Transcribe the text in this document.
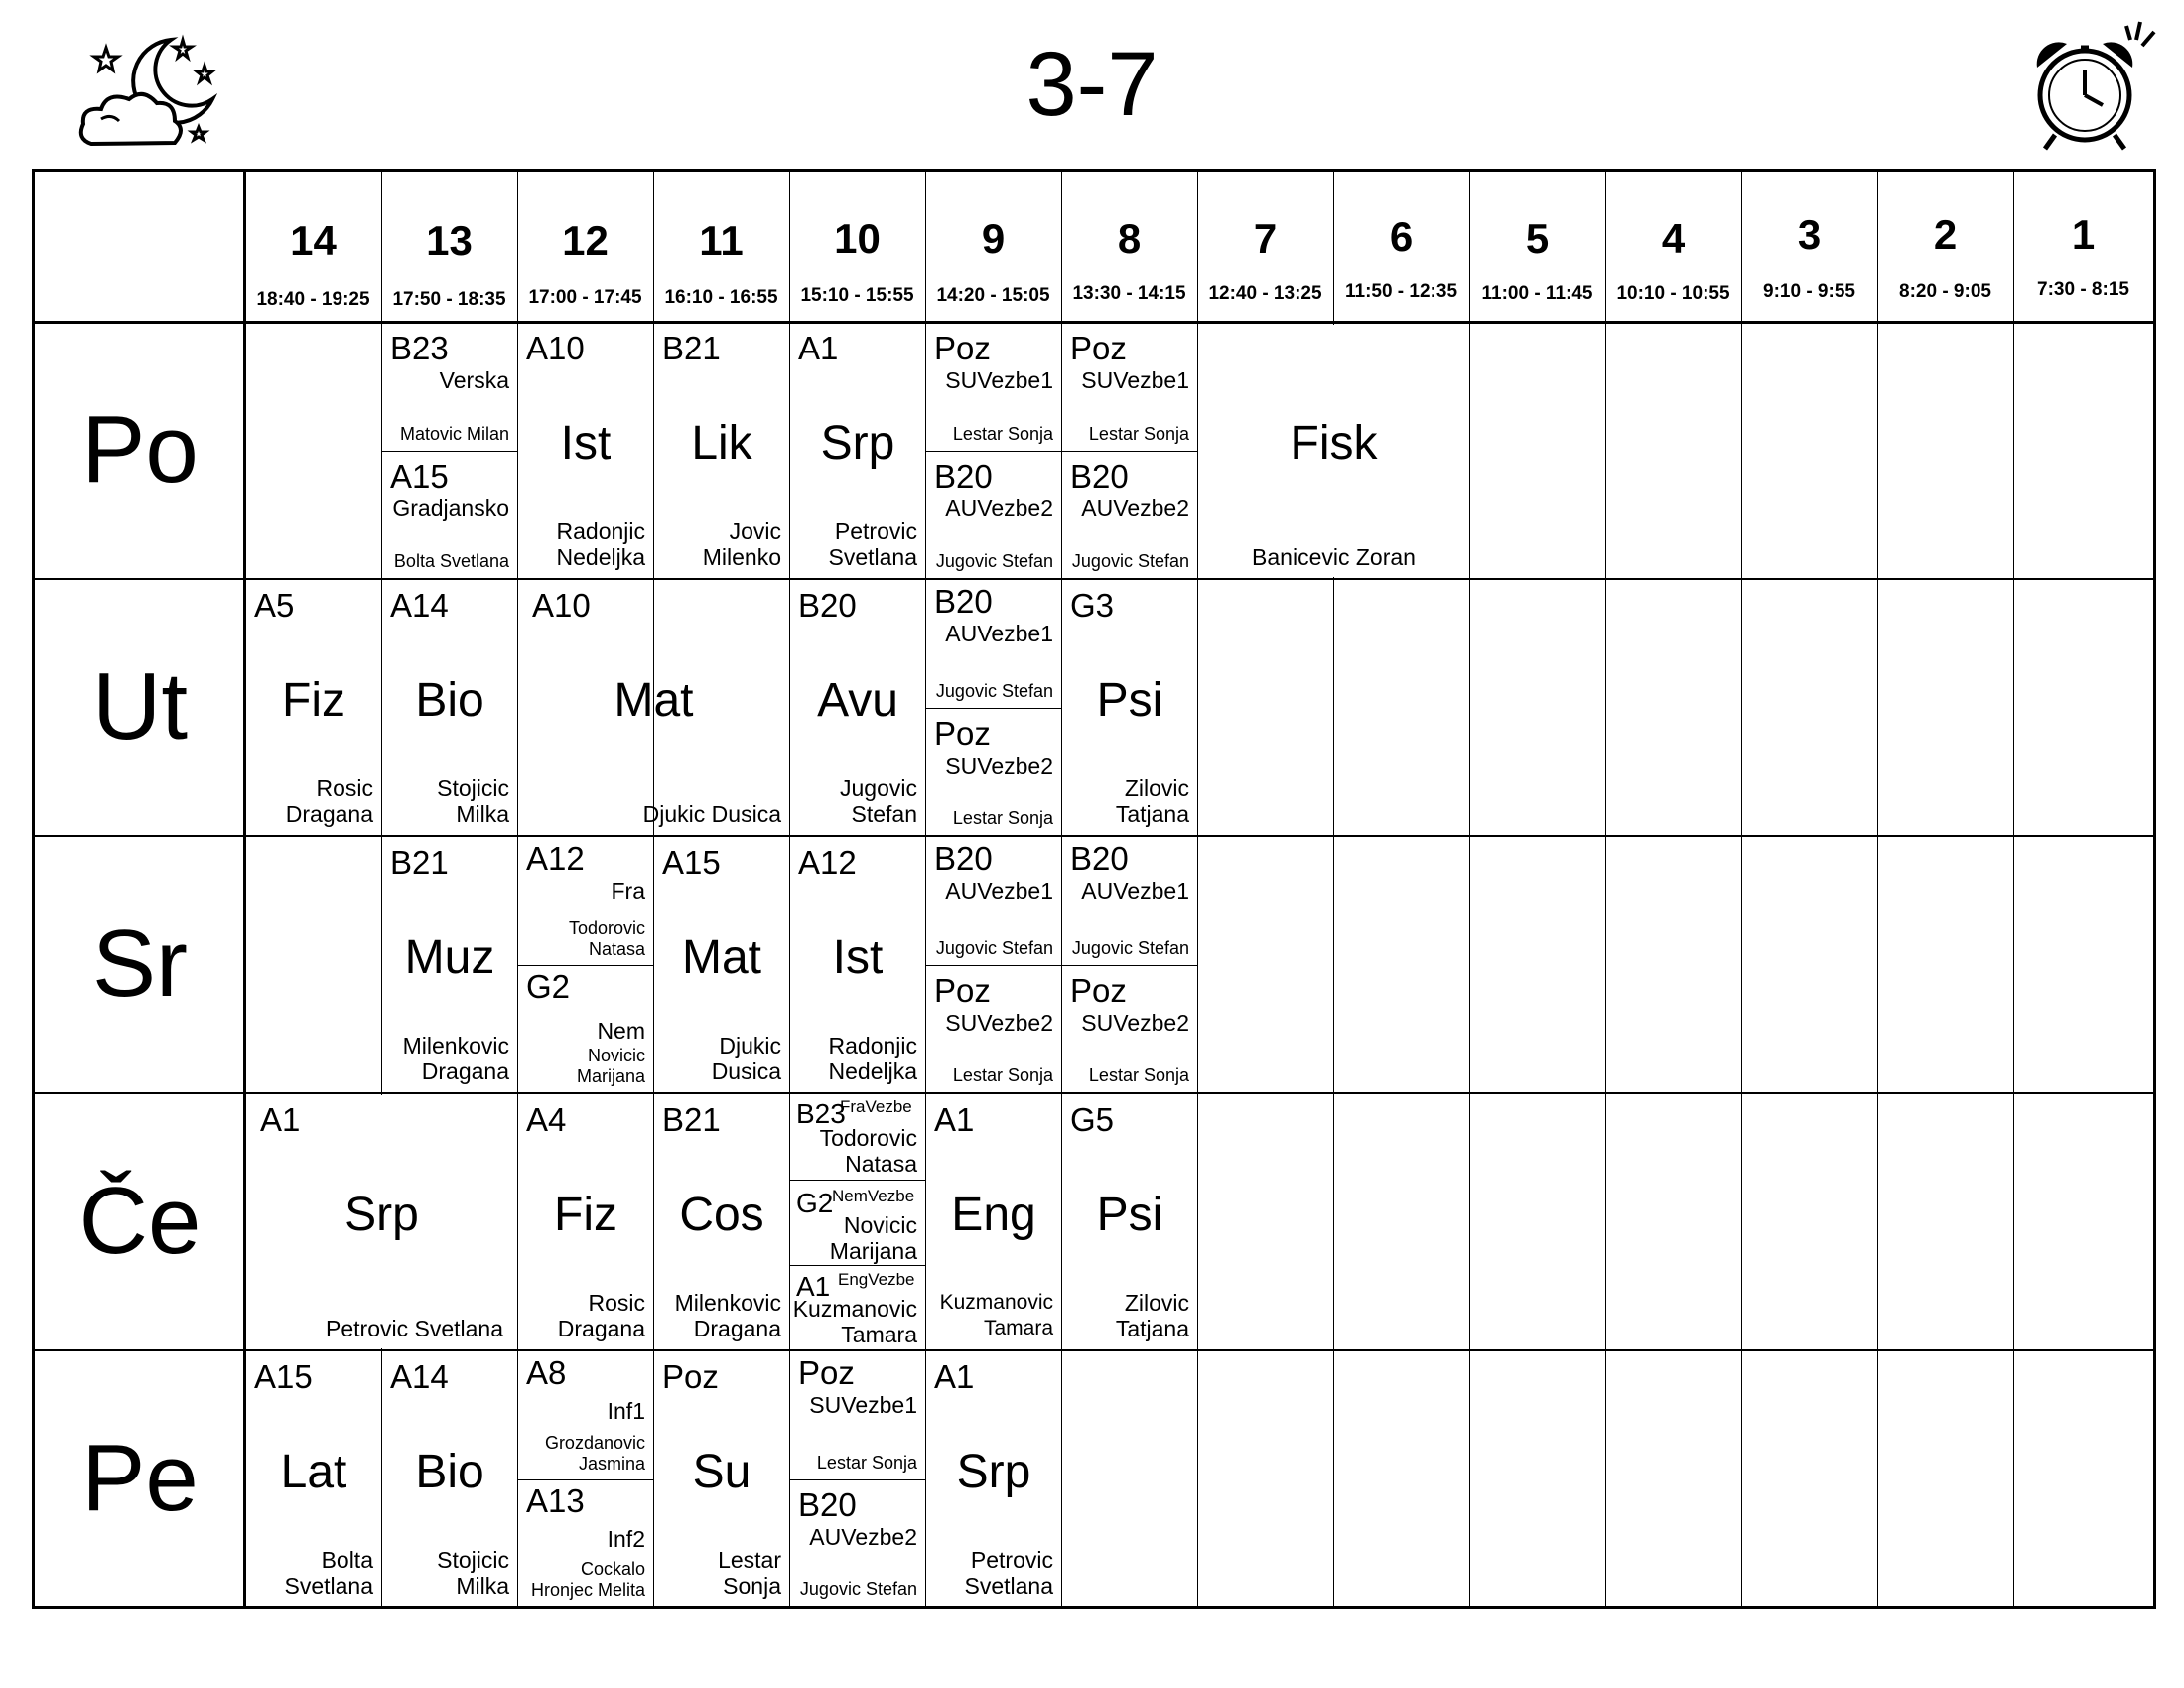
3-7
14
18:40 - 19:25
13
17:50 - 18:35
12
17:00 - 17:45
11
16:10 - 16:55
10
15:10 - 15:55
9
14:20 - 15:05
8
13:30 - 14:15
7
12:40 - 13:25
6
11:50 - 12:35
5
11:00 - 11:45
4
10:10 - 10:55
3
9:10 - 9:55
2
8:20 - 9:05
1
7:30 - 8:15
Po
Ut
Sr
Če
Pe
B23
Verska
Matovic Milan
A15
Gradjansko
Bolta Svetlana
A10
Ist
Radonjic
Nedeljka
B21
Lik
Jovic
Milenko
A1
Srp
Petrovic
Svetlana
Poz
SUVezbe1
Lestar Sonja
B20
AUVezbe2
Jugovic Stefan
Poz
SUVezbe1
Lestar Sonja
B20
AUVezbe2
Jugovic Stefan
Fisk
Banicevic Zoran
A5
Fiz
Rosic
Dragana
A14
Bio
Stojicic
Milka
A10
Mat
Djukic Dusica
B20
Avu
Jugovic
Stefan
B20
AUVezbe1
Jugovic Stefan
Poz
SUVezbe2
Lestar Sonja
G3
Psi
Zilovic
Tatjana
B21
Muz
Milenkovic
Dragana
A12
Fra
Todorovic
Natasa
G2
Nem
Novicic
Marijana
A15
Mat
Djukic
Dusica
A12
Ist
Radonjic
Nedeljka
B20
AUVezbe1
Jugovic Stefan
Poz
SUVezbe2
Lestar Sonja
B20
AUVezbe1
Jugovic Stefan
Poz
SUVezbe2
Lestar Sonja
A1
Srp
Petrovic Svetlana
A4
Fiz
Rosic
Dragana
B21
Cos
Milenkovic
Dragana
B23
FraVezbe
Todorovic
Natasa
G2
NemVezbe
Novicic
Marijana
A1 EngVezbe
Kuzmanovic
Tamara
A1
Eng
Kuzmanovic
Tamara
G5
Psi
Zilovic
Tatjana
A15
Lat
Bolta
Svetlana
A14
Bio
Stojicic
Milka
A8
Inf1
Grozdanovic
Jasmina
A13
Inf2
Cockalo
Hronjec Melita
Poz
Su
Lestar
Sonja
Poz
SUVezbe1
Lestar Sonja
B20
AUVezbe2
Jugovic Stefan
A1
Srp
Petrovic
Svetlana
